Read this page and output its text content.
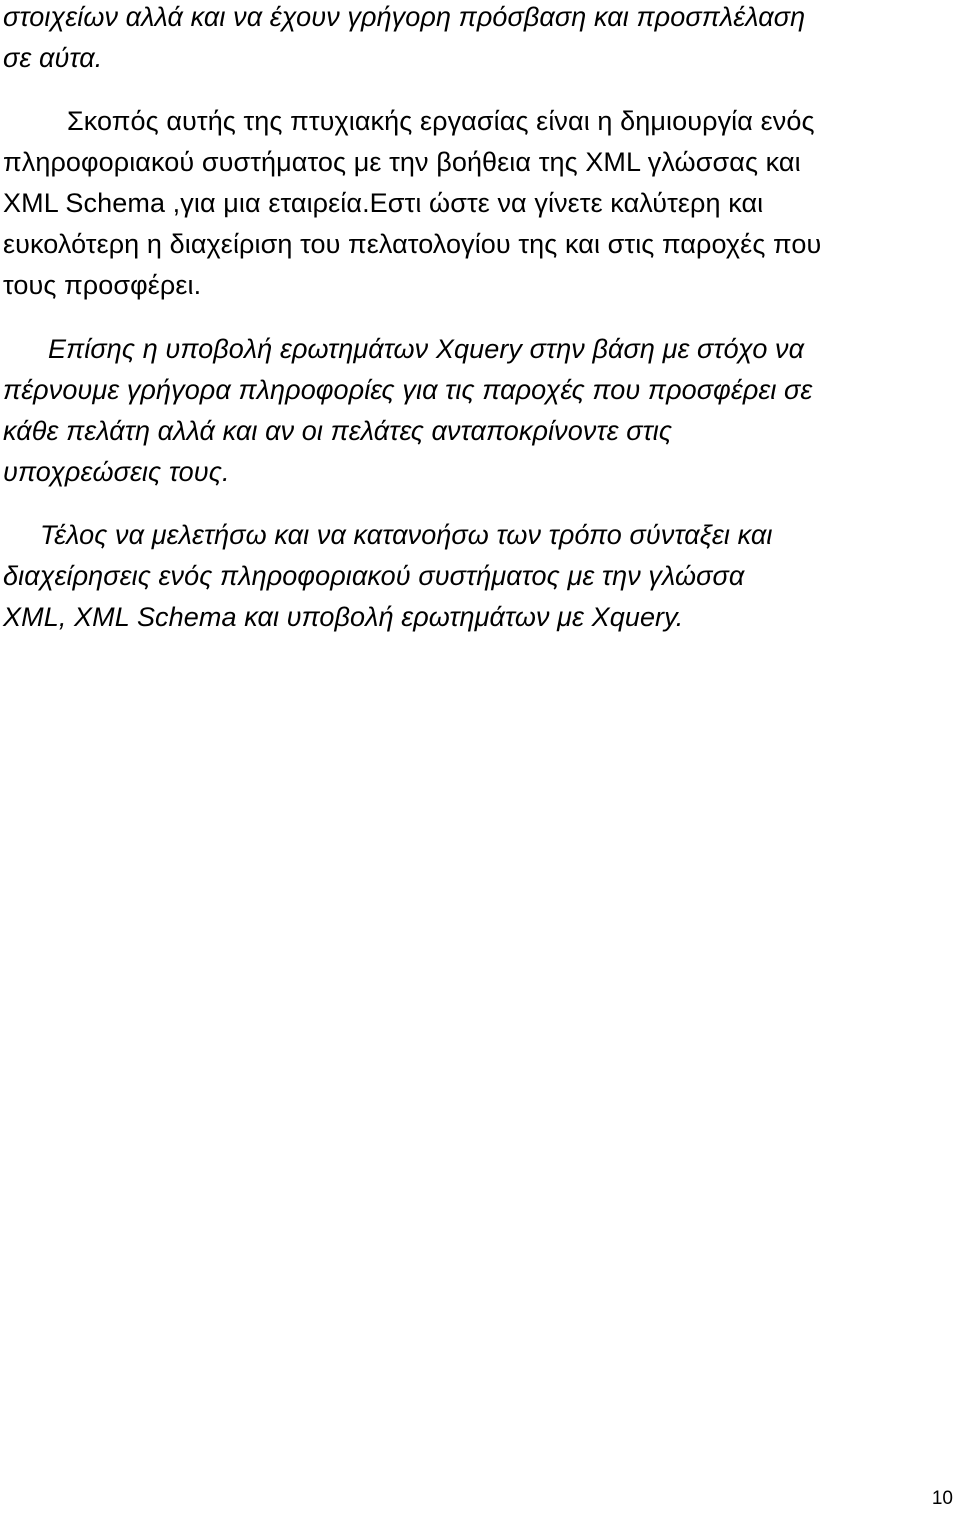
στοιχείων αλλά και να έχουν γρήγορη πρόσβαση και προσπλέλαση
σε αύτα.
Σκοπός αυτής της πτυχιακής εργασίας είναι η δημιουργία ενός
πληροφοριακού συστήματος με την βοήθεια της XML γλώσσας και
XML Schema ,για μια εταιρεία.Εστι ώστε να γίνετε καλύτερη και
ευκολότερη η διαχείριση του πελατολογίου της και στις παροχές που
τους προσφέρει.
Επίσης η υποβολή ερωτημάτων Xquery στην βάση με στόχο να
πέρνουμε γρήγορα πληροφορίες για τις παροχές που προσφέρει σε
κάθε πελάτη αλλά και αν οι πελάτες ανταποκρίνοντε στις
υποχρεώσεις τους.
Τέλος να μελετήσω και να κατανοήσω των τρόπο σύνταξει και
διαχείρησεις ενός πληροφοριακού συστήματος με την γλώσσα
XML, XML Schema και υποβολή ερωτημάτων με Xquery.
10
